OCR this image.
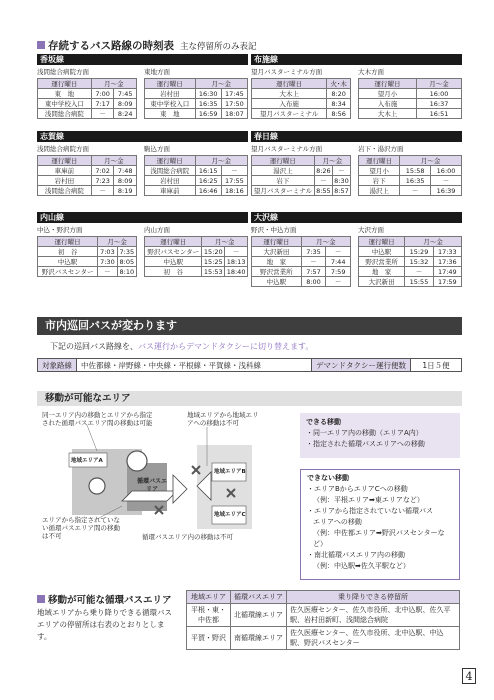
存続するバス路線の時刻表 主な停留所のみ表記
香坂線
浅間総合病院方面	東地方面
運行曜日	月～金	
東　地	7:00	7:45
東中学校入口	7:17	8:09
浅間総合病院	－	8:24
運行曜日	月～金	
岩村田	16:30	17:45
東中学校入口	16:35	17:50
東　地	16:59	18:07
布施線
望月バスターミナル方面	大木方面
運行曜日	火･木
大木上	8:20
入布施	8:34
望月バスターミナル	8:56
運行曜日	月～金
望月小	16:00
入布施	16:37
大木上	16:51
志賀線
浅間総合病院方面	駒込方面
運行曜日	月～金	
車庫前	7:02	7:48
岩村田	7:23	8:09
浅間総合病院	－	8:19
運行曜日	月～金	
浅間総合病院	16:15	－
岩村田	16:25	17:55
車庫前	16:46	18:16
春日線
望月バスターミナル方面	岩下・湯沢方面
運行曜日	月～金	
湯沢上	8:26	－
岩下	－	8:30
望月バスターミナル	8:55	8:57
運行曜日	月～金	
望月小	15:58	16:00
岩下	16:35	－
湯沢上	－	16:39
内山線
中込・野沢方面	内山方面
運行曜日	月～金	
初　谷	7:03	7:35
中込駅	7:30	8:05
野沢バスセンター	－	8:10
運行曜日	月～金	
野沢バスセンター	15:20	－
中込駅	15:25	18:13
初　谷	15:53	18:40
大沢線
野沢・中込方面	大沢方面
運行曜日	月～金	
大沢新田	7:35	－
地　家	－	7:44
野沢営業所	7:57	7:59
中込駅	8:00	－
運行曜日	月～金	
中込駅	15:29	17:33
野沢営業所	15:32	17:36
地　家	－	17:49
大沢新田	15:55	17:59
市内巡回バスが変わります
下記の巡回バス路線を、バス運行からデマンドタクシーに切り替えます。
対象路線	中佐都線・岸野線・中央線・平根線・平賀線・浅科線	デマンドタクシー運行便数	1日５便
移動が可能なエリア
同一エリア内の移動とエリアから指定された循環バスエリア間の移動は可能
地域エリアから地域エリアへの移動は不可
地域エリアA
地域エリアB
地域エリアC
循環バスエリア
エリアから指定されていない循環バスエリア間の移動は不可	循環バスエリア内の移動は不可
できる移動
・同一エリア内の移動（エリアA内）
・指定された循環バスエリアへの移動
できない移動
・エリアBからエリアCへの移動
（例：平根エリア➡東エリアなど）
・エリアから指定されていない循環バス
エリアへの移動
（例：中佐都エリア➡野沢バスセンターなど）
・南北循環バスエリア内の移動
（例：中込駅➡佐久平駅など）
移動が可能な循環バスエリア
地域エリアから乗り降りできる循環バスエリアの停留所は右表のとおりとします。
地域エリア	循環バスエリア	乗り降りできる停留所
平根・東・中佐都	北循環線エリア	佐久医療センター、佐久市役所、北中込駅、佐久平駅、岩村田新町、浅間総合病院
平賀・野沢	南循環線エリア	佐久医療センター、佐久市役所、北中込駅、中込駅、野沢バスセンター
4
